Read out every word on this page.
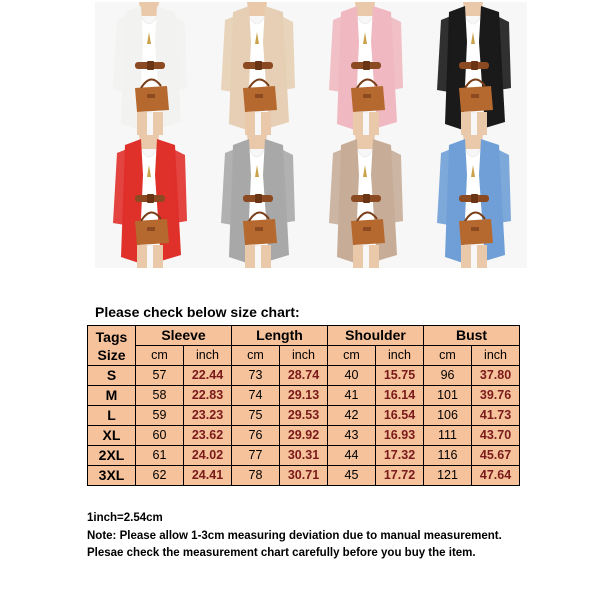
Please check below size chart:
Tags
Size	Sleeve		Length		Shoulder		Bust	
	cm	inch	cm	inch	cm	inch	cm	inch
S	57	22.44	73	28.74	40	15.75	96	37.80
M	58	22.83	74	29.13	41	16.14	101	39.76
L	59	23.23	75	29.53	42	16.54	106	41.73
XL	60	23.62	76	29.92	43	16.93	111	43.70
2XL	61	24.02	77	30.31	44	17.32	116	45.67
3XL	62	24.41	78	30.71	45	17.72	121	47.64
1inch=2.54cm
Note: Please allow 1-3cm measuring deviation due to manual measurement.
Plesae check the measurement chart carefully before you buy the item.
